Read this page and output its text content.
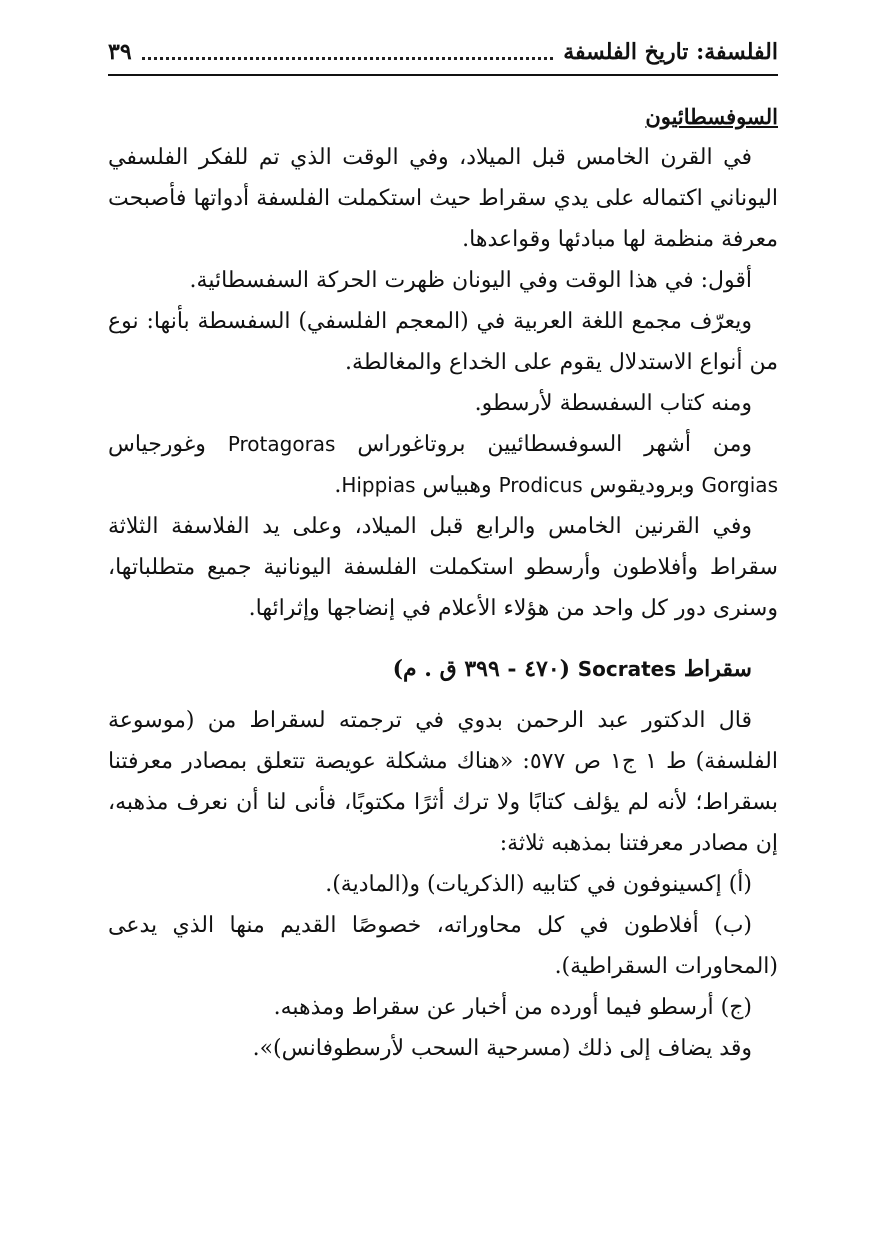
الفلسفة: تاريخ الفلسفة
٣٩

السوفسطائيون

في القرن الخامس قبل الميلاد، وفي الوقت الذي تم للفكر الفلسفي اليوناني اكتماله على يدي سقراط حيث استكملت الفلسفة أدواتها فأصبحت معرفة منظمة لها مبادئها وقواعدها.

أقول: في هذا الوقت وفي اليونان ظهرت الحركة السفسطائية.

ويعرّف مجمع اللغة العربية في (المعجم الفلسفي) السفسطة بأنها: نوع من أنواع الاستدلال يقوم على الخداع والمغالطة.

ومنه كتاب السفسطة لأرسطو.

ومن أشهر السوفسطائيين بروتاغوراس Protagoras وغورجياس Gorgias وبروديقوس Prodicus وهبياس Hippias.

وفي القرنين الخامس والرابع قبل الميلاد، وعلى يد الفلاسفة الثلاثة سقراط وأفلاطون وأرسطو استكملت الفلسفة اليونانية جميع متطلباتها، وسنرى دور كل واحد من هؤلاء الأعلام في إنضاجها وإثرائها.

سقراط Socrates (٤٧٠ - ٣٩٩ ق . م)

قال الدكتور عبد الرحمن بدوي في ترجمته لسقراط من (موسوعة الفلسفة) ط ١ ج١ ص ٥٧٧: «هناك مشكلة عويصة تتعلق بمصادر معرفتنا بسقراط؛ لأنه لم يؤلف كتابًا ولا ترك أثرًا مكتوبًا، فأنى لنا أن نعرف مذهبه، إن مصادر معرفتنا بمذهبه ثلاثة:

(أ) إكسينوفون في كتابيه (الذكريات) و(المادية).

(ب) أفلاطون في كل محاوراته، خصوصًا القديم منها الذي يدعى (المحاورات السقراطية).

(ج) أرسطو فيما أورده من أخبار عن سقراط ومذهبه.

وقد يضاف إلى ذلك (مسرحية السحب لأرسطوفانس)».
